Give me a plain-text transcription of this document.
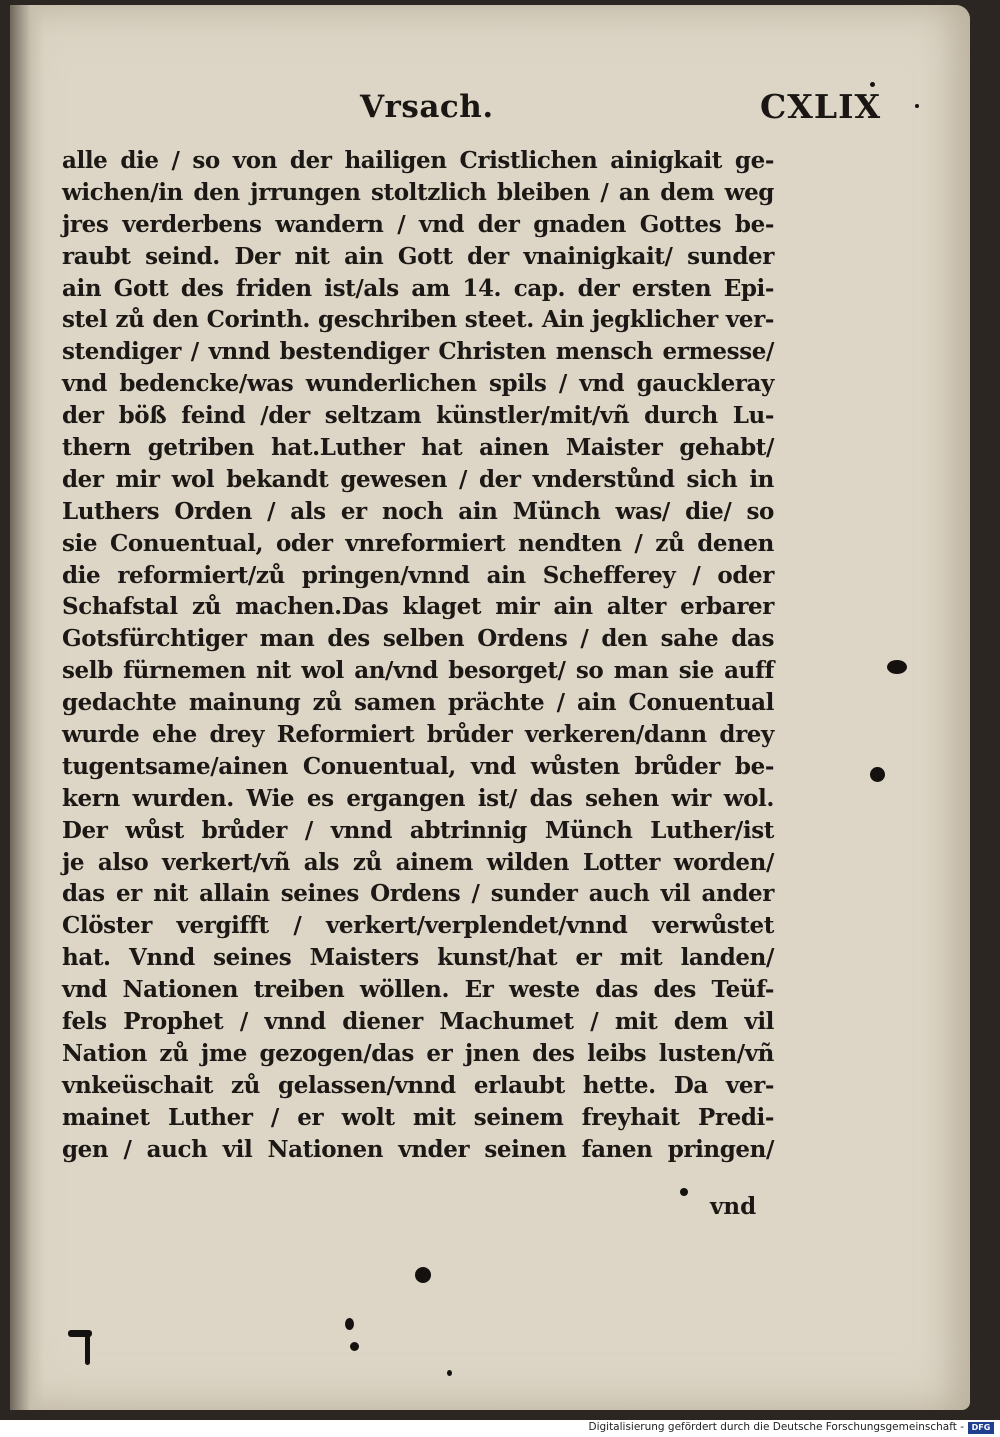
Vrsach.	CXLIX
alle die / so von der hailigen Cristlichen ainigkait ge-
wichen/in den jrrungen stoltzlich bleiben / an dem weg
jres verderbens wandern / vnd der gnaden Gottes be-
raubt seind. Der nit ain Gott der vnainigkait/ sunder
ain Gott des friden ist/als am 14. cap. der ersten Epi-
stel zů den Corinth. geschriben steet. Ain jegklicher ver-
stendiger / vnnd bestendiger Christen mensch ermesse/
vnd bedencke/was wunderlichen spils / vnd gauckleray
der böß feind /der seltzam künstler/mit/vñ durch Lu-
thern getriben hat.Luther hat ainen Maister gehabt/
der mir wol bekandt gewesen / der vnderstůnd sich in
Luthers Orden / als er noch ain Münch was/ die/ so
sie Conuentual, oder vnreformiert nendten / zů denen
die reformiert/zů pringen/vnnd ain Schefferey / oder
Schafstal zů machen.Das klaget mir ain alter erbarer
Gotsfürchtiger man des selben Ordens / den sahe das
selb fürnemen nit wol an/vnd besorget/ so man sie auff
gedachte mainung zů samen prächte / ain Conuentual
wurde ehe drey Reformiert brůder verkeren/dann drey
tugentsame/ainen Conuentual, vnd wůsten brůder be-
kern wurden. Wie es ergangen ist/ das sehen wir wol.
Der wůst brůder / vnnd abtrinnig Münch Luther/ist
je also verkert/vñ als zů ainem wilden Lotter worden/
das er nit allain seines Ordens / sunder auch vil ander
Clöster vergifft / verkert/verplendet/vnnd verwůstet
hat. Vnnd seines Maisters kunst/hat er mit landen/
vnd Nationen treiben wöllen. Er weste das des Teüf-
fels Prophet / vnnd diener Machumet / mit dem vil
Nation zů jme gezogen/das er jnen des leibs lusten/vñ
vnkeüschait zů gelassen/vnnd erlaubt hette. Da ver-
mainet Luther / er wolt mit seinem freyhait Predi-
gen / auch vil Nationen vnder seinen fanen pringen/
vnd
Digitalisierung gefördert durch die Deutsche Forschungsgemeinschaft - DFG
